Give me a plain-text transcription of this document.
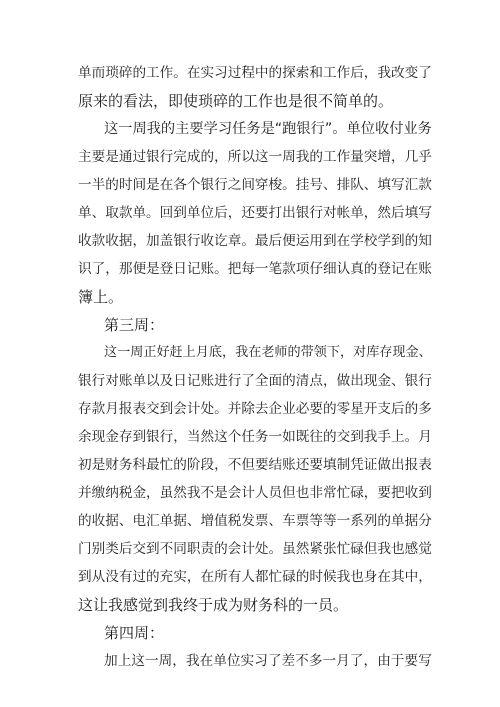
单而琐碎的工作。在实习过程中的探索和工作后，我改变了
原来的看法，即使琐碎的工作也是很不简单的。
这一周我的主要学习任务是“跑银行”。单位收付业务
主要是通过银行完成的，所以这一周我的工作量突增，几乎
一半的时间是在各个银行之间穿梭。挂号、排队、填写汇款
单、取款单。回到单位后，还要打出银行对帐单，然后填写
收款收据，加盖银行收讫章。最后便运用到在学校学到的知
识了，那便是登日记账。把每一笔款项仔细认真的登记在账
簿上。
第三周：
这一周正好赶上月底，我在老师的带领下，对库存现金、
银行对账单以及日记账进行了全面的清点，做出现金、银行
存款月报表交到会计处。并除去企业必要的零星开支后的多
余现金存到银行，当然这个任务一如既往的交到我手上。月
初是财务科最忙的阶段，不但要结账还要填制凭证做出报表
并缴纳税金，虽然我不是会计人员但也非常忙碌，要把收到
的收据、电汇单据、增值税发票、车票等等一系列的单据分
门别类后交到不同职责的会计处。虽然紧张忙碌但我也感觉
到从没有过的充实，在所有人都忙碌的时候我也身在其中，
这让我感觉到我终于成为财务科的一员。
第四周：
加上这一周，我在单位实习了差不多一月了，由于要写
